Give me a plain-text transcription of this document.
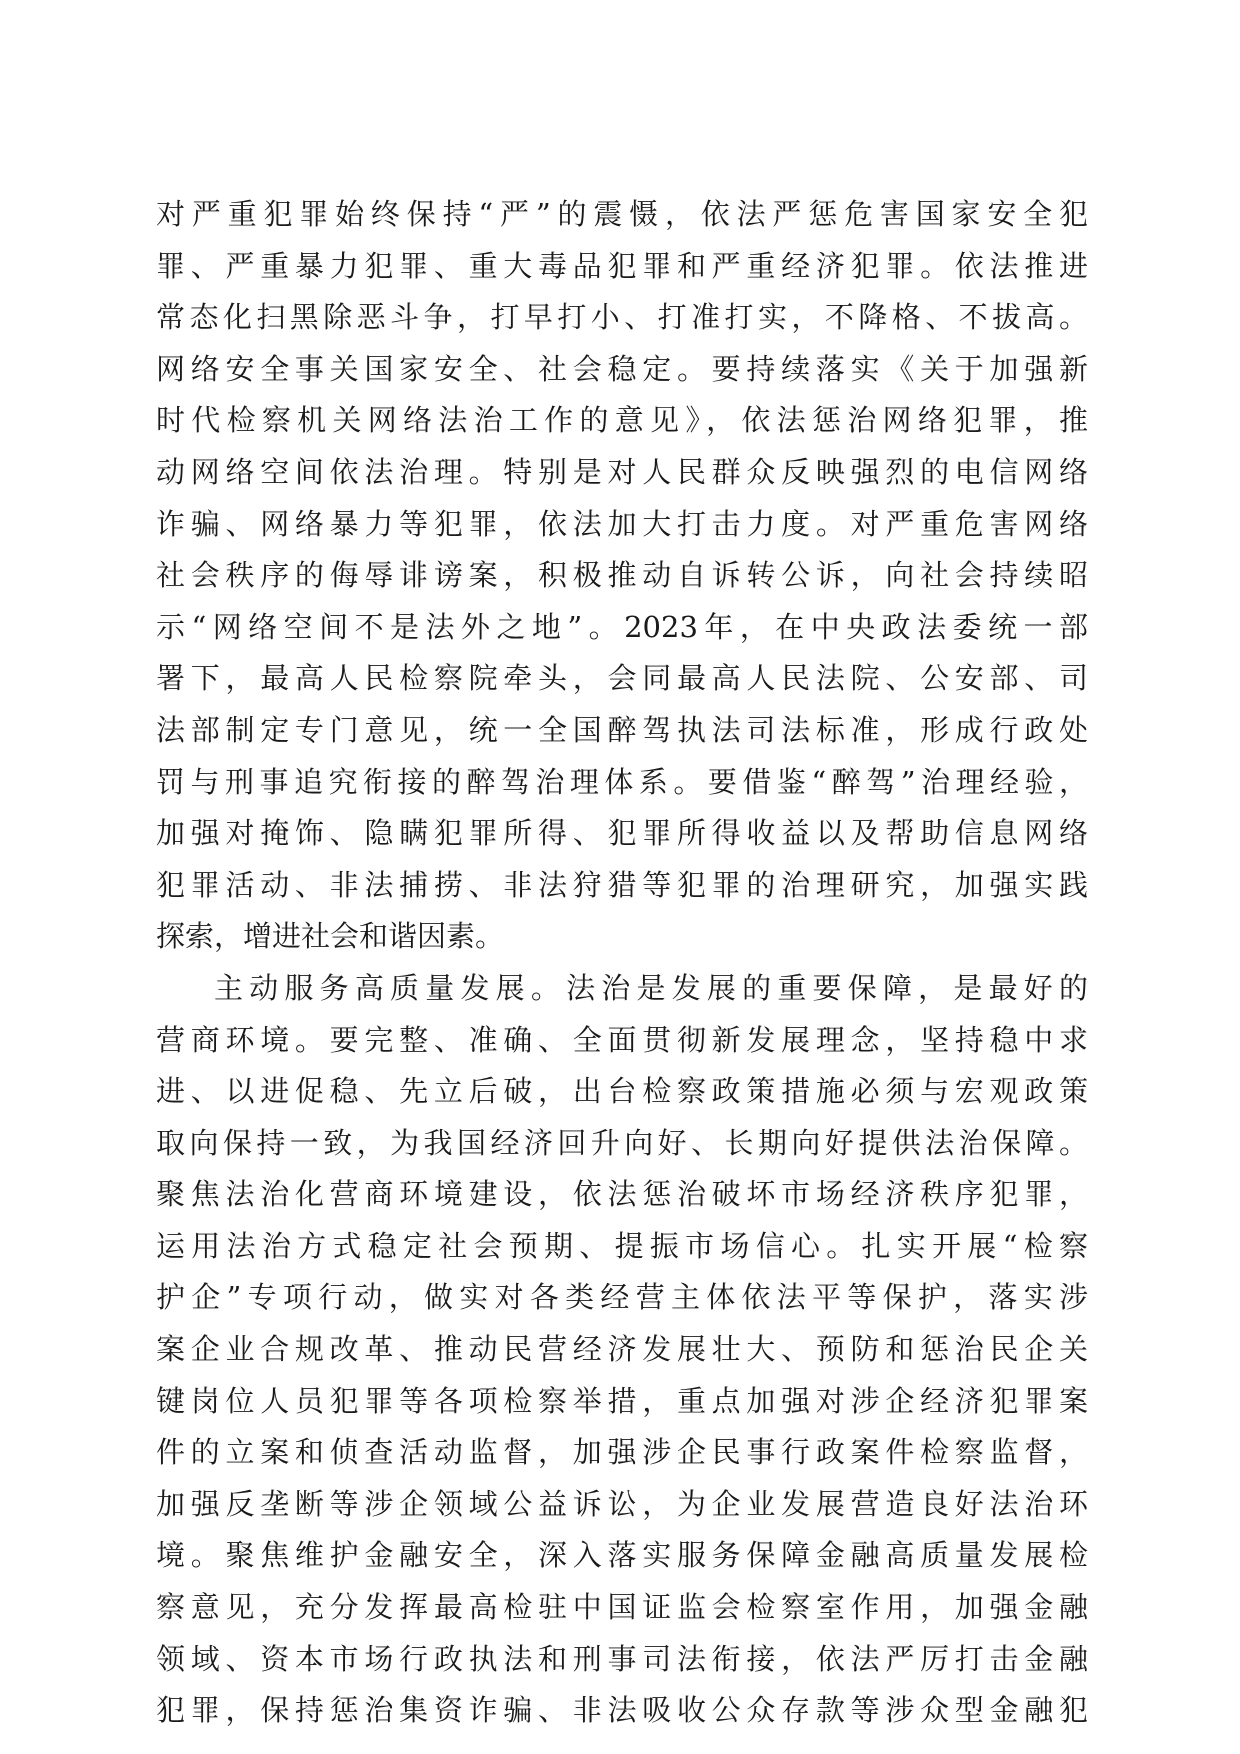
对严重犯罪始终保持“严”的震慑，依法严惩危害国家安全犯
罪、严重暴力犯罪、重大毒品犯罪和严重经济犯罪。依法推进
常态化扫黑除恶斗争，打早打小、打准打实，不降格、不拔高。
网络安全事关国家安全、社会稳定。要持续落实《关于加强新
时代检察机关网络法治工作的意见》，依法惩治网络犯罪，推
动网络空间依法治理。特别是对人民群众反映强烈的电信网络
诈骗、网络暴力等犯罪，依法加大打击力度。对严重危害网络
社会秩序的侮辱诽谤案，积极推动自诉转公诉，向社会持续昭
示“网络空间不是法外之地”。2023年，在中央政法委统一部
署下，最高人民检察院牵头，会同最高人民法院、公安部、司
法部制定专门意见，统一全国醉驾执法司法标准，形成行政处
罚与刑事追究衔接的醉驾治理体系。要借鉴“醉驾”治理经验，
加强对掩饰、隐瞒犯罪所得、犯罪所得收益以及帮助信息网络
犯罪活动、非法捕捞、非法狩猎等犯罪的治理研究，加强实践
探索，增进社会和谐因素。
主动服务高质量发展。法治是发展的重要保障，是最好的
营商环境。要完整、准确、全面贯彻新发展理念，坚持稳中求
进、以进促稳、先立后破，出台检察政策措施必须与宏观政策
取向保持一致，为我国经济回升向好、长期向好提供法治保障。
聚焦法治化营商环境建设，依法惩治破坏市场经济秩序犯罪，
运用法治方式稳定社会预期、提振市场信心。扎实开展“检察
护企”专项行动，做实对各类经营主体依法平等保护，落实涉
案企业合规改革、推动民营经济发展壮大、预防和惩治民企关
键岗位人员犯罪等各项检察举措，重点加强对涉企经济犯罪案
件的立案和侦查活动监督，加强涉企民事行政案件检察监督，
加强反垄断等涉企领域公益诉讼，为企业发展营造良好法治环
境。聚焦维护金融安全，深入落实服务保障金融高质量发展检
察意见，充分发挥最高检驻中国证监会检察室作用，加强金融
领域、资本市场行政执法和刑事司法衔接，依法严厉打击金融
犯罪，保持惩治集资诈骗、非法吸收公众存款等涉众型金融犯
